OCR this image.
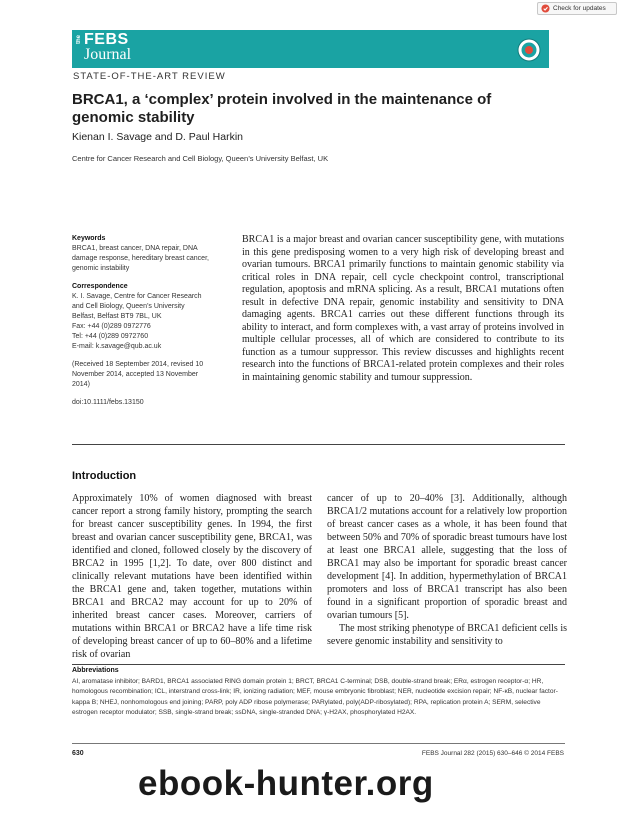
Check for updates
the FEBS
Journal
STATE-OF-THE-ART REVIEW
BRCA1, a ‘complex’ protein involved in the maintenance of genomic stability
Kienan I. Savage and D. Paul Harkin
Centre for Cancer Research and Cell Biology, Queen’s University Belfast, UK
Keywords
BRCA1, breast cancer, DNA repair, DNA
damage response, hereditary breast cancer,
genomic instability
Correspondence
K. I. Savage, Centre for Cancer Research
and Cell Biology, Queen’s University
Belfast, Belfast BT9 7BL, UK
Fax: +44 (0)289 0972776
Tel: +44 (0)289 0972760
E-mail: k.savage@qub.ac.uk
(Received 18 September 2014, revised 10
November 2014, accepted 13 November
2014)
doi:10.1111/febs.13150

BRCA1 is a major breast and ovarian cancer susceptibility gene, with mutations in this gene predisposing women to a very high risk of developing breast and ovarian tumours. BRCA1 primarily functions to maintain genomic stability via critical roles in DNA repair, cell cycle checkpoint control, transcriptional regulation, apoptosis and mRNA splicing. As a result, BRCA1 mutations often result in defective DNA repair, genomic instability and sensitivity to DNA damaging agents. BRCA1 carries out these different functions through its ability to interact, and form complexes with, a vast array of proteins involved in multiple cellular processes, all of which are considered to contribute to its function as a tumour suppressor. This review discusses and highlights recent research into the functions of BRCA1-related protein complexes and their roles in maintaining genomic stability and tumour suppression.

Introduction

Approximately 10% of women diagnosed with breast cancer report a strong family history, prompting the search for breast cancer susceptibility genes. In 1994, the first breast and ovarian cancer susceptibility gene, BRCA1, was identified and cloned, followed closely by the discovery of BRCA2 in 1995 [1,2]. To date, over 800 distinct and clinically relevant mutations have been identified within the BRCA1 gene and, taken together, mutations within BRCA1 and BRCA2 may account for up to 20% of inherited breast cancer cases. Moreover, carriers of mutations within BRCA1 or BRCA2 have a life time risk of developing breast cancer of up to 60–80% and a lifetime risk of ovarian

cancer of up to 20–40% [3]. Additionally, although BRCA1/2 mutations account for a relatively low proportion of breast cancer cases as a whole, it has been found that between 50% and 70% of sporadic breast tumours have lost at least one BRCA1 allele, suggesting that the loss of BRCA1 may also be important for sporadic breast cancer development [4]. In addition, hypermethylation of BRCA1 promoters and loss of BRCA1 transcript has also been found in a significant proportion of sporadic breast and ovarian tumours [5].

The most striking phenotype of BRCA1 deficient cells is severe genomic instability and sensitivity to

Abbreviations

AI, aromatase inhibitor; BARD1, BRCA1 associated RING domain protein 1; BRCT, BRCA1 C-terminal; DSB, double-strand break; ERα, estrogen receptor-α; HR, homologous recombination; ICL, interstrand cross-link; IR, ionizing radiation; MEF, mouse embryonic fibroblast; NER, nucleotide excision repair; NF-κB, nuclear factor-kappa B; NHEJ, nonhomologous end joining; PARP, poly ADP ribose polymerase; PARylated, poly(ADP-ribosylated); RPA, replication protein A; SERM, selective estrogen receptor modulator; SSB, single-strand break; ssDNA, single-stranded DNA; γ-H2AX, phosphorylated H2AX.

630	FEBS Journal 282 (2015) 630–646 © 2014 FEBS
ebook-hunter.org
